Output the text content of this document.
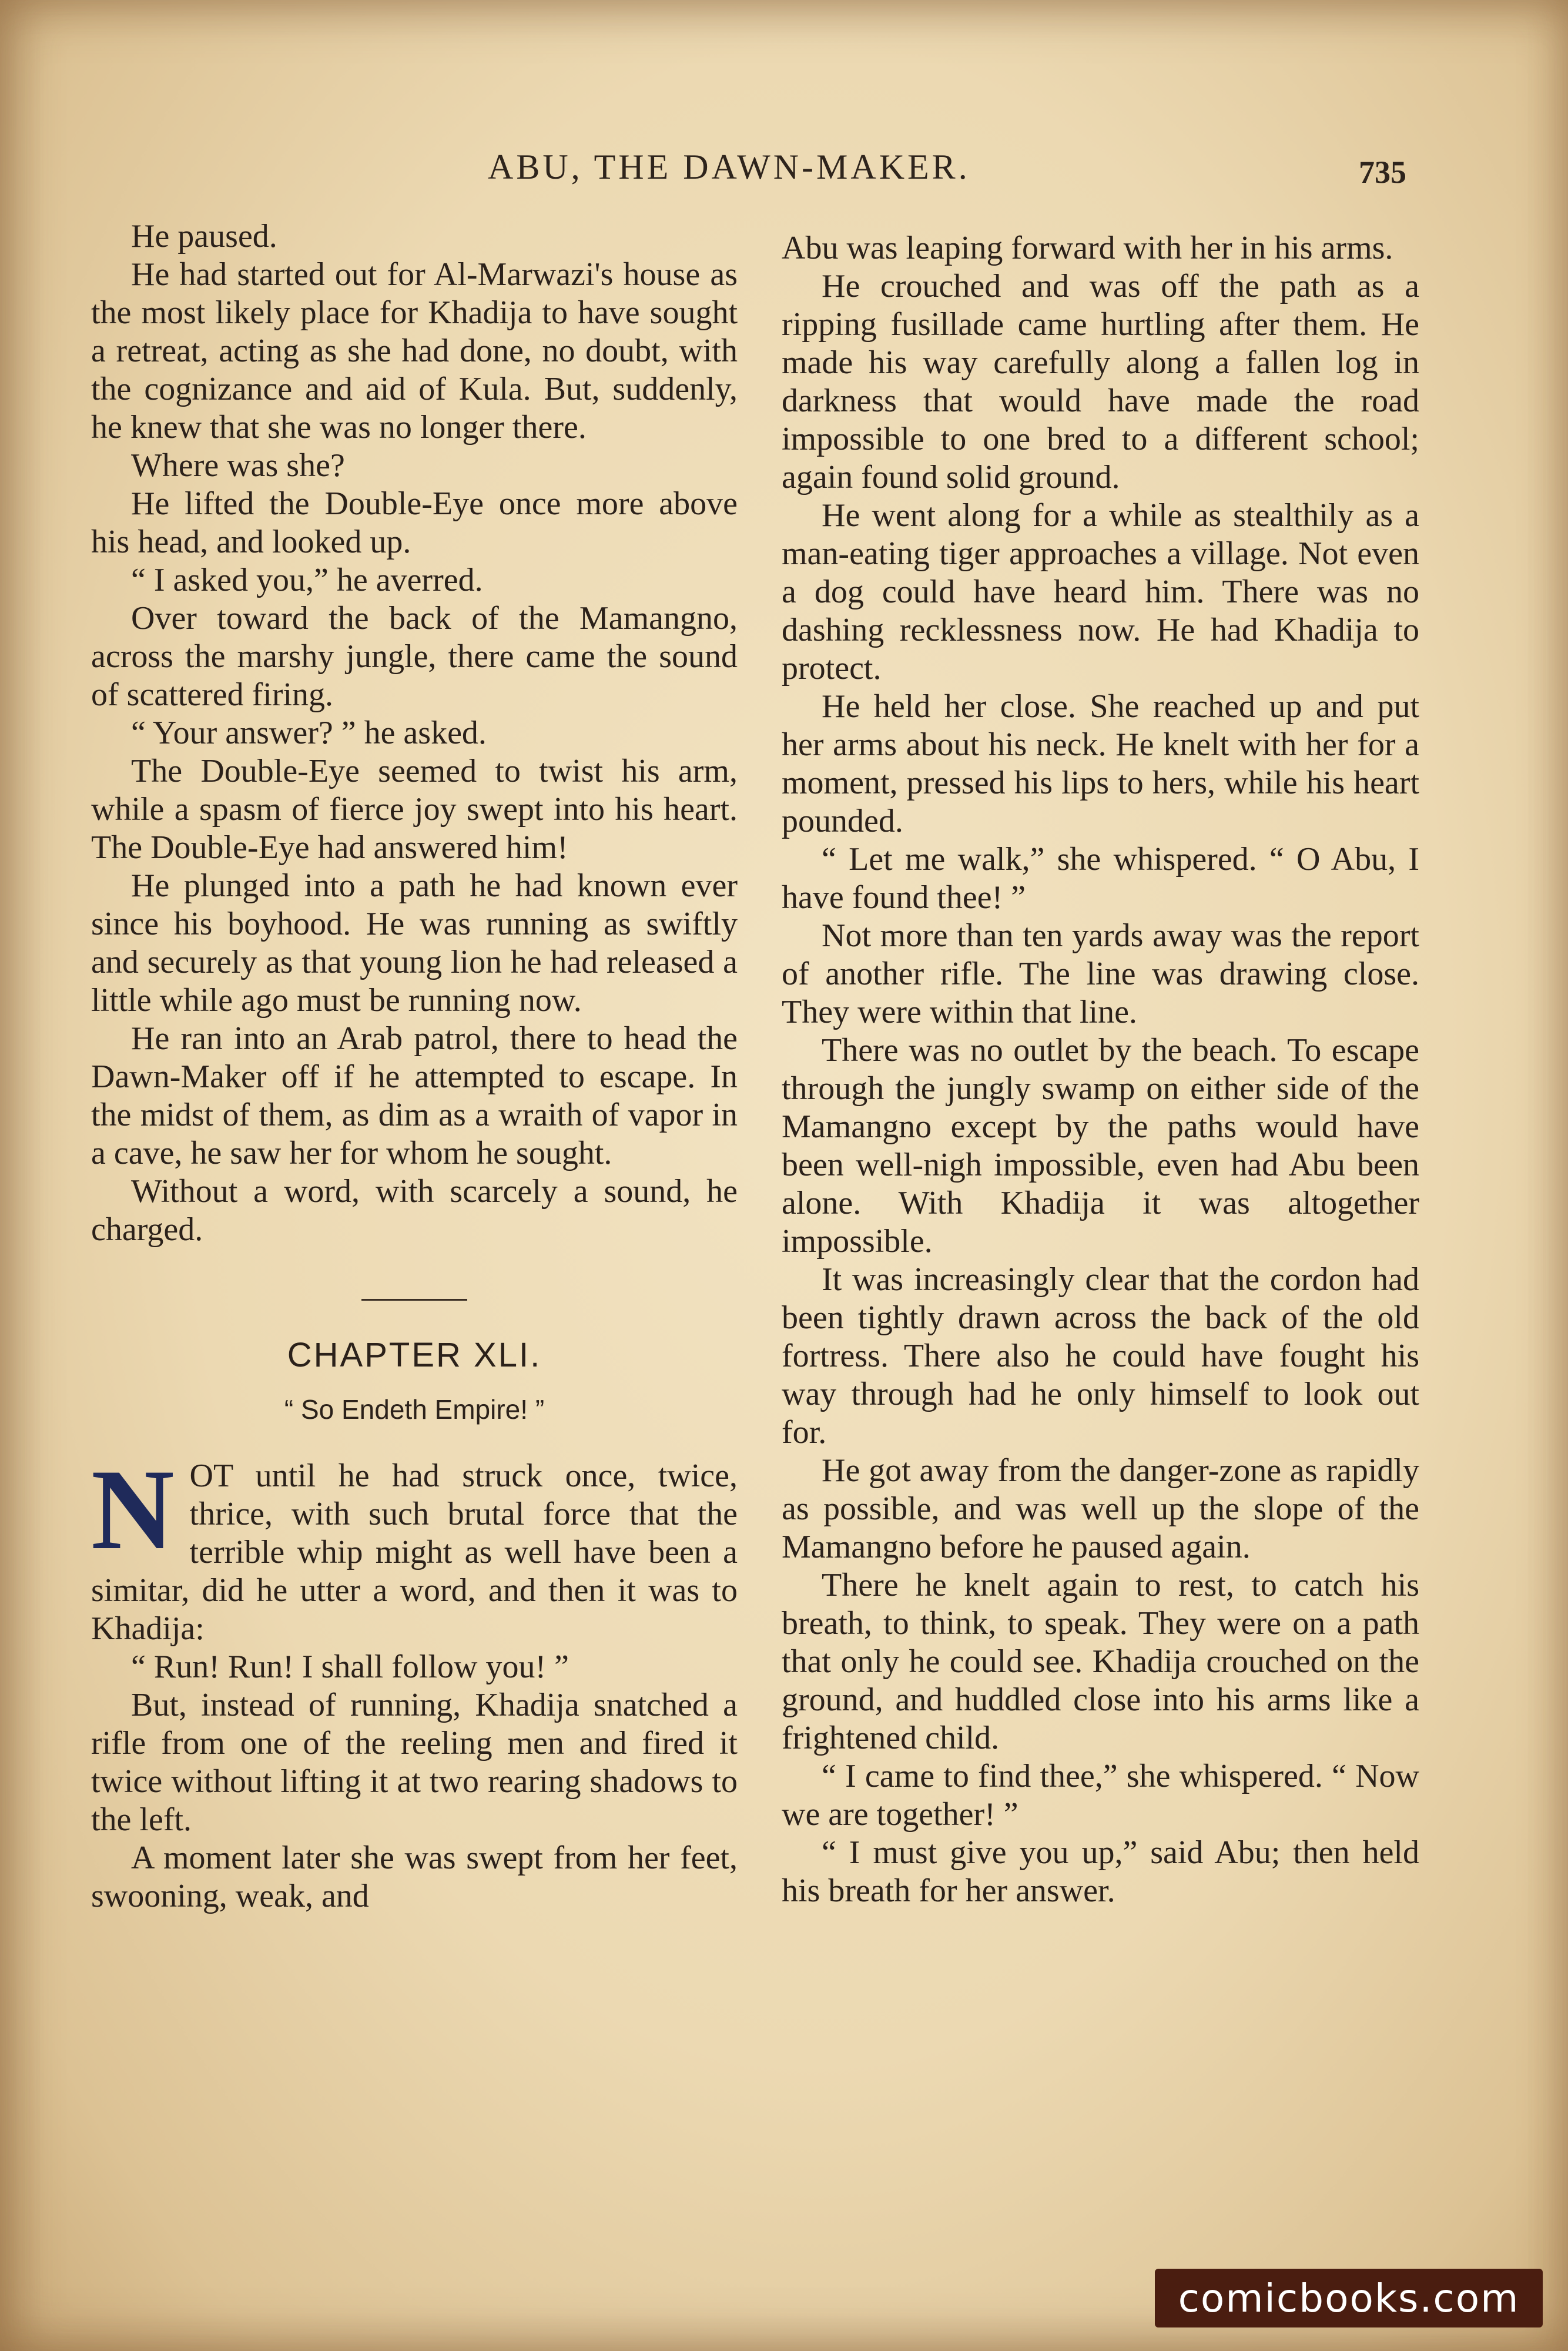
ABU, THE DAWN-MAKER.	735

He paused.

He had started out for Al-Marwazi's house as the most likely place for Khadija to have sought a retreat, acting as she had done, no doubt, with the cognizance and aid of Kula. But, suddenly, he knew that she was no longer there.

Where was she?

He lifted the Double-Eye once more above his head, and looked up.

“ I asked you,” he averred.

Over toward the back of the Mamangno, across the marshy jungle, there came the sound of scattered firing.

“ Your answer? ” he asked.

The Double-Eye seemed to twist his arm, while a spasm of fierce joy swept into his heart. The Double-Eye had answered him!

He plunged into a path he had known ever since his boyhood. He was running as swiftly and securely as that young lion he had released a little while ago must be running now.

He ran into an Arab patrol, there to head the Dawn-Maker off if he attempted to escape. In the midst of them, as dim as a wraith of vapor in a cave, he saw her for whom he sought.

Without a word, with scarcely a sound, he charged.

CHAPTER XLI.
“ So Endeth Empire! ”

NOT until he had struck once, twice, thrice, with such brutal force that the terrible whip might as well have been a simitar, did he utter a word, and then it was to Khadija:

“ Run! Run! I shall follow you! ”

But, instead of running, Khadija snatched a rifle from one of the reeling men and fired it twice without lifting it at two rearing shadows to the left.

A moment later she was swept from her feet, swooning, weak, and

Abu was leaping forward with her in his arms.

He crouched and was off the path as a ripping fusillade came hurtling after them. He made his way carefully along a fallen log in darkness that would have made the road impossible to one bred to a different school; again found solid ground.

He went along for a while as stealthily as a man-eating tiger approaches a village. Not even a dog could have heard him. There was no dashing recklessness now. He had Khadija to protect.

He held her close. She reached up and put her arms about his neck. He knelt with her for a moment, pressed his lips to hers, while his heart pounded.

“ Let me walk,” she whispered. “ O Abu, I have found thee! ”

Not more than ten yards away was the report of another rifle. The line was drawing close. They were within that line.

There was no outlet by the beach. To escape through the jungly swamp on either side of the Mamangno except by the paths would have been well-nigh impossible, even had Abu been alone. With Khadija it was altogether impossible.

It was increasingly clear that the cordon had been tightly drawn across the back of the old fortress. There also he could have fought his way through had he only himself to look out for.

He got away from the danger-zone as rapidly as possible, and was well up the slope of the Mamangno before he paused again.

There he knelt again to rest, to catch his breath, to think, to speak. They were on a path that only he could see. Khadija crouched on the ground, and huddled close into his arms like a frightened child.

“ I came to find thee,” she whispered. “ Now we are together! ”

“ I must give you up,” said Abu; then held his breath for her answer.

comicbooks.com
